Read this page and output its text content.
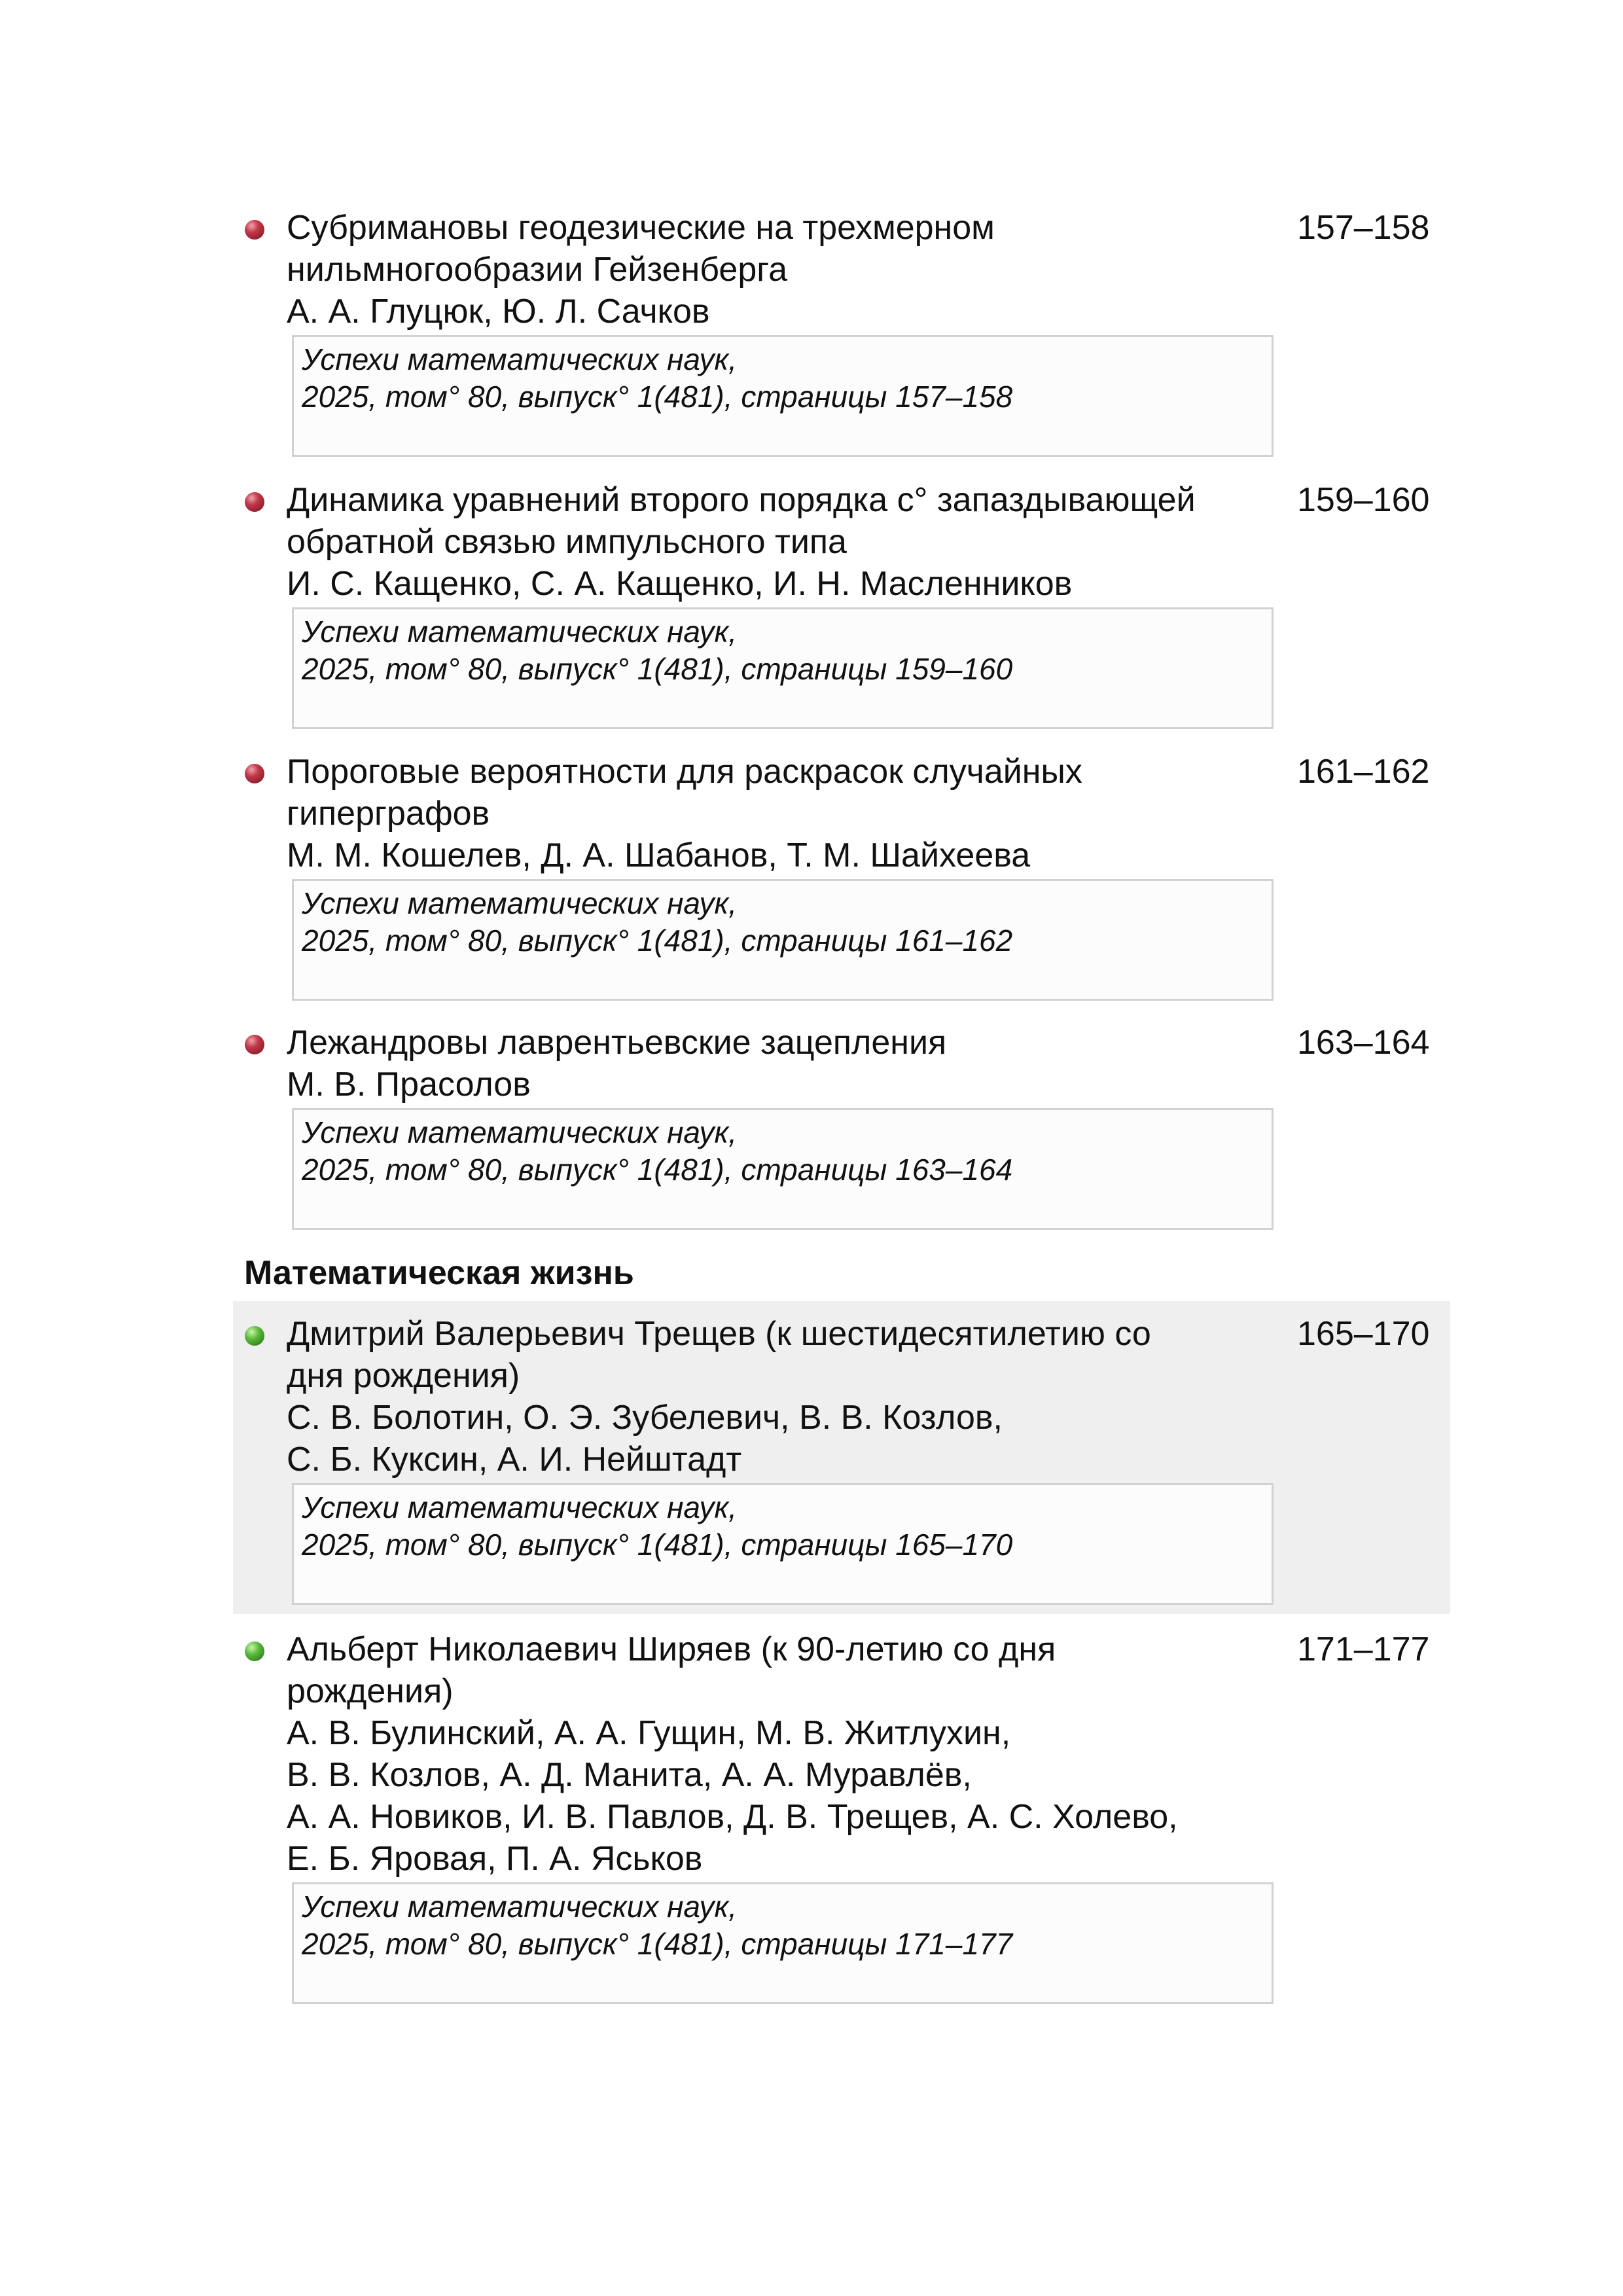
Субримановы геодезические на трехмерном
нильмногообразии Гейзенберга
157–158
А. А. Глуцюк, Ю. Л. Сачков
Успехи математических наук,
2025, том° 80, выпуск° 1(481), страницы 157–158
Динамика уравнений второго порядка с° запаздывающей
обратной связью импульсного типа
159–160
И. С. Кащенко, С. А. Кащенко, И. Н. Масленников
Успехи математических наук,
2025, том° 80, выпуск° 1(481), страницы 159–160
Пороговые вероятности для раскрасок случайных
гиперграфов
161–162
М. М. Кошелев, Д. А. Шабанов, Т. М. Шайхеева
Успехи математических наук,
2025, том° 80, выпуск° 1(481), страницы 161–162
Лежандровы лаврентьевские зацепления	163–164
М. В. Прасолов
Успехи математических наук,
2025, том° 80, выпуск° 1(481), страницы 163–164
Математическая жизнь
Дмитрий Валерьевич Трещев (к шестидесятилетию со
дня рождения)
165–170
С. В. Болотин, О. Э. Зубелевич, В. В. Козлов,
С. Б. Куксин, А. И. Нейштадт
Успехи математических наук,
2025, том° 80, выпуск° 1(481), страницы 165–170
Альберт Николаевич Ширяев (к 90-летию со дня
рождения)
171–177
А. В. Булинский, А. А. Гущин, М. В. Житлухин,
В. В. Козлов, А. Д. Манита, А. А. Муравлёв,
А. А. Новиков, И. В. Павлов, Д. В. Трещев, А. С. Холево,
Е. Б. Яровая, П. А. Яськов
Успехи математических наук,
2025, том° 80, выпуск° 1(481), страницы 171–177
